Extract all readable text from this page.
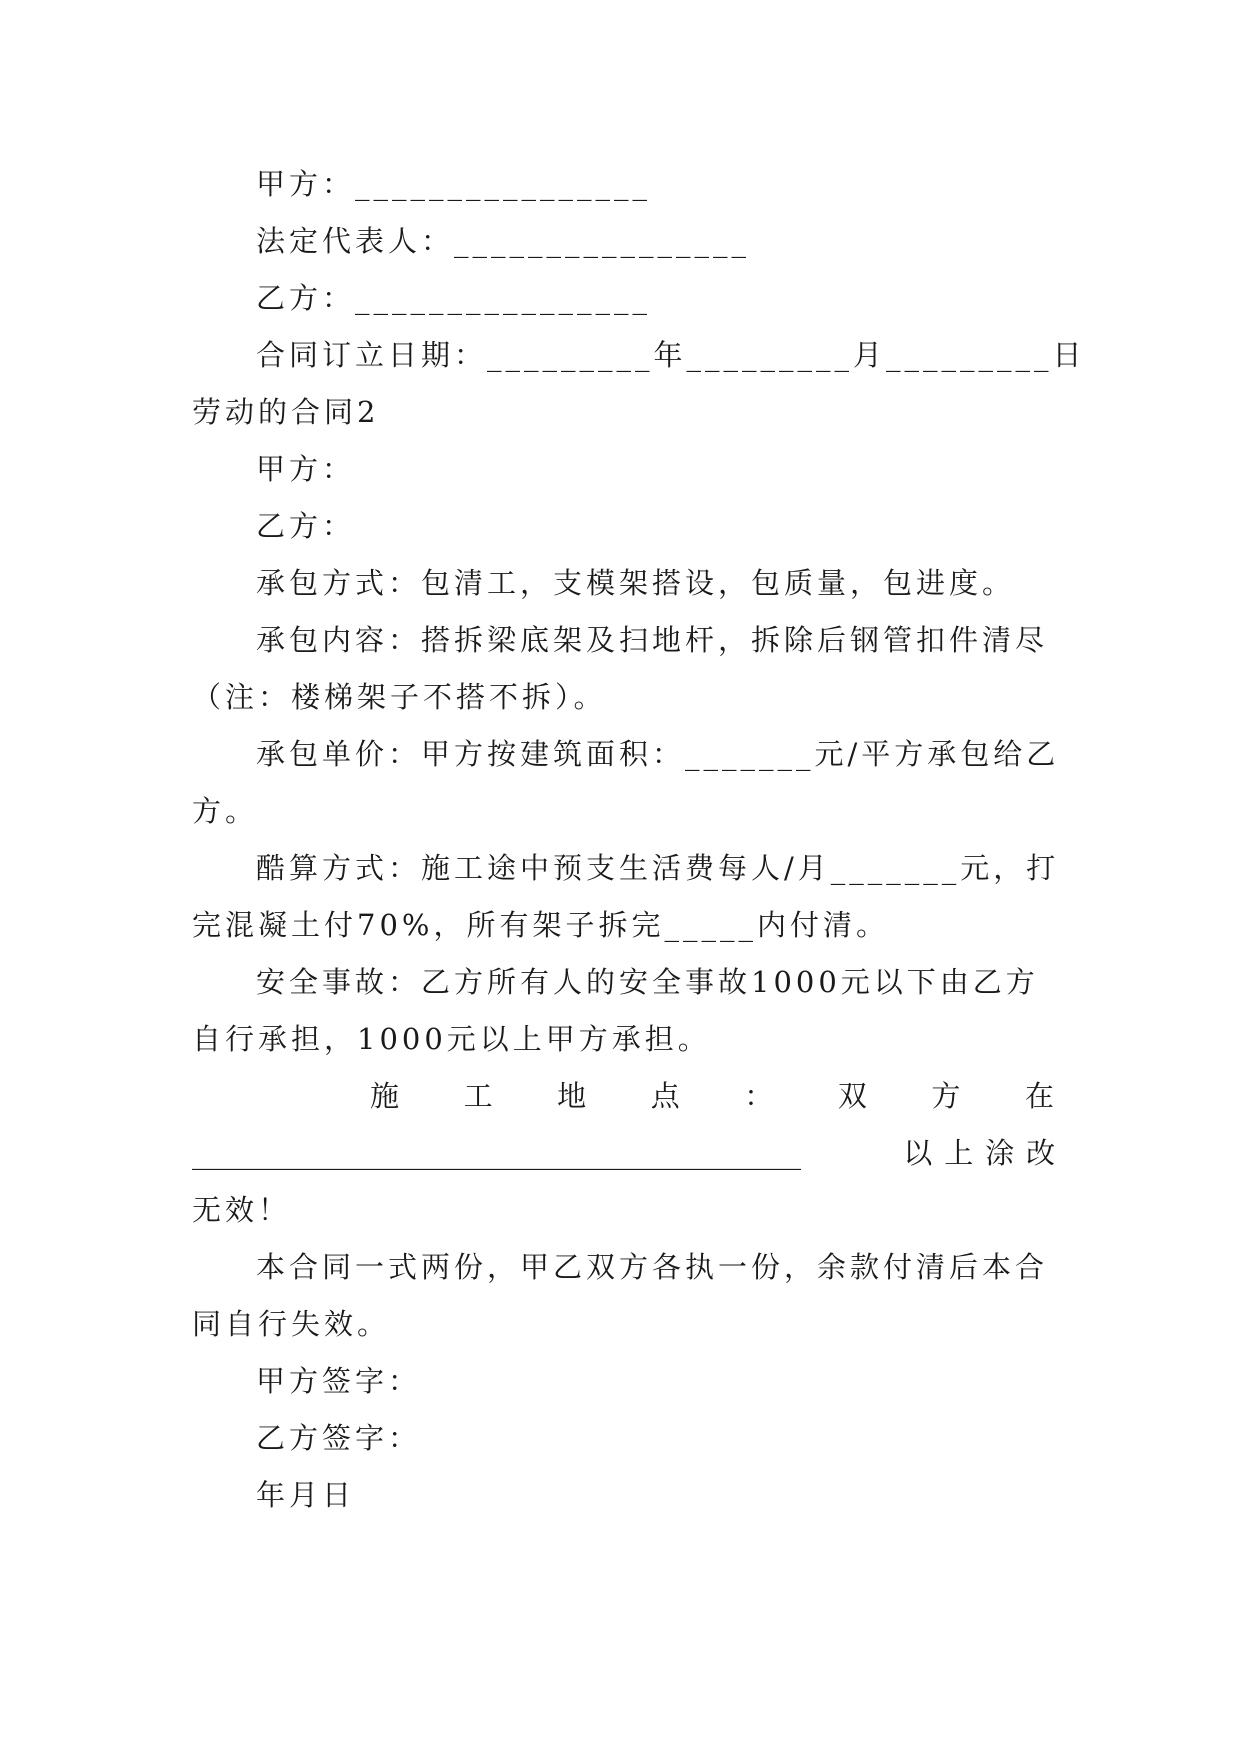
甲方：________________
法定代表人：________________
乙方：________________
合同订立日期：_________年_________月_________日
劳动的合同2
甲方：
乙方：
承包方式：包清工，支模架搭设，包质量，包进度。
承包内容：搭拆梁底架及扫地杆，拆除后钢管扣件清尽
（注：楼梯架子不搭不拆）。
承包单价：甲方按建筑面积：_______元/平方承包给乙
方。
酷算方式：施工途中预支生活费每人/月_______元，打
完混凝土付70%，所有架子拆完_____内付清。
安全事故：乙方所有人的安全事故1000元以下由乙方
自行承担，1000元以上甲方承担。
施 工 地 点 ： 双 方 在
__________________________________________	以 上 涂 改
无效！
本合同一式两份，甲乙双方各执一份，余款付清后本合
同自行失效。
甲方签字：
乙方签字：
年月日
